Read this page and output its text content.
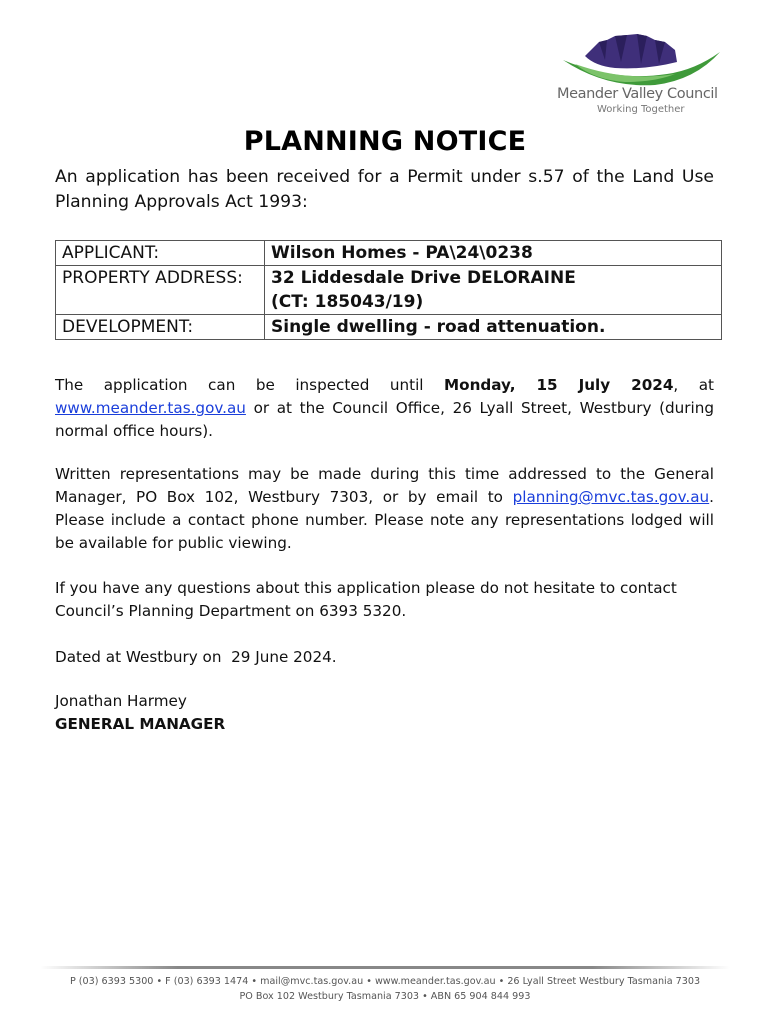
Meander Valley Council
Working Together
PLANNING NOTICE

An application has been received for a Permit under s.57 of the Land Use Planning Approvals Act 1993:

APPLICANT:	Wilson Homes - PA\24\0238
PROPERTY ADDRESS:	32 Liddesdale Drive DELORAINE
(CT: 185043/19)

DEVELOPMENT:	Single dwelling - road attenuation.

The application can be inspected until Monday, 15 July 2024, at www.meander.tas.gov.au or at the Council Office, 26 Lyall Street, Westbury (during normal office hours).

Written representations may be made during this time addressed to the General Manager, PO Box 102, Westbury 7303, or by email to planning@mvc.tas.gov.au. Please include a contact phone number. Please note any representations lodged will be available for public viewing.

If you have any questions about this application please do not hesitate to contact Council’s Planning Department on 6393 5320.

Dated at Westbury on  29 June 2024.

Jonathan Harmey
GENERAL MANAGER
P (03) 6393 5300 • F (03) 6393 1474 • mail@mvc.tas.gov.au • www.meander.tas.gov.au • 26 Lyall Street Westbury Tasmania 7303
PO Box 102 Westbury Tasmania 7303 • ABN 65 904 844 993
